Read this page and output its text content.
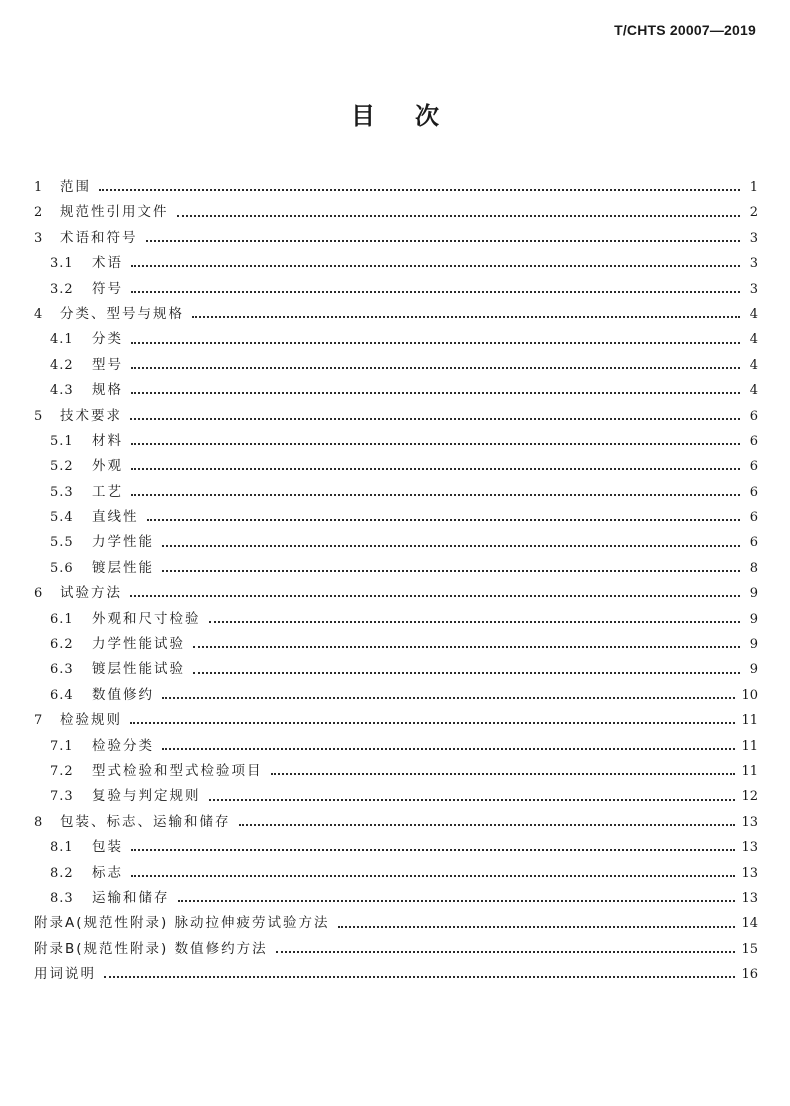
T/CHTS 20007—2019
目次
1	范围	1
2	规范性引用文件	2
3	术语和符号	3
3.1	术语	3
3.2	符号	3
4	分类、型号与规格	4
4.1	分类	4
4.2	型号	4
4.3	规格	4
5	技术要求	6
5.1	材料	6
5.2	外观	6
5.3	工艺	6
5.4	直线性	6
5.5	力学性能	6
5.6	镀层性能	8
6	试验方法	9
6.1	外观和尺寸检验	9
6.2	力学性能试验	9
6.3	镀层性能试验	9
6.4	数值修约	10
7	检验规则	11
7.1	检验分类	11
7.2	型式检验和型式检验项目	11
7.3	复验与判定规则	12
8	包装、标志、运输和储存	13
8.1	包装	13
8.2	标志	13
8.3	运输和储存	13
附录A(规范性附录) 脉动拉伸疲劳试验方法	14
附录B(规范性附录) 数值修约方法	15
用词说明	16
